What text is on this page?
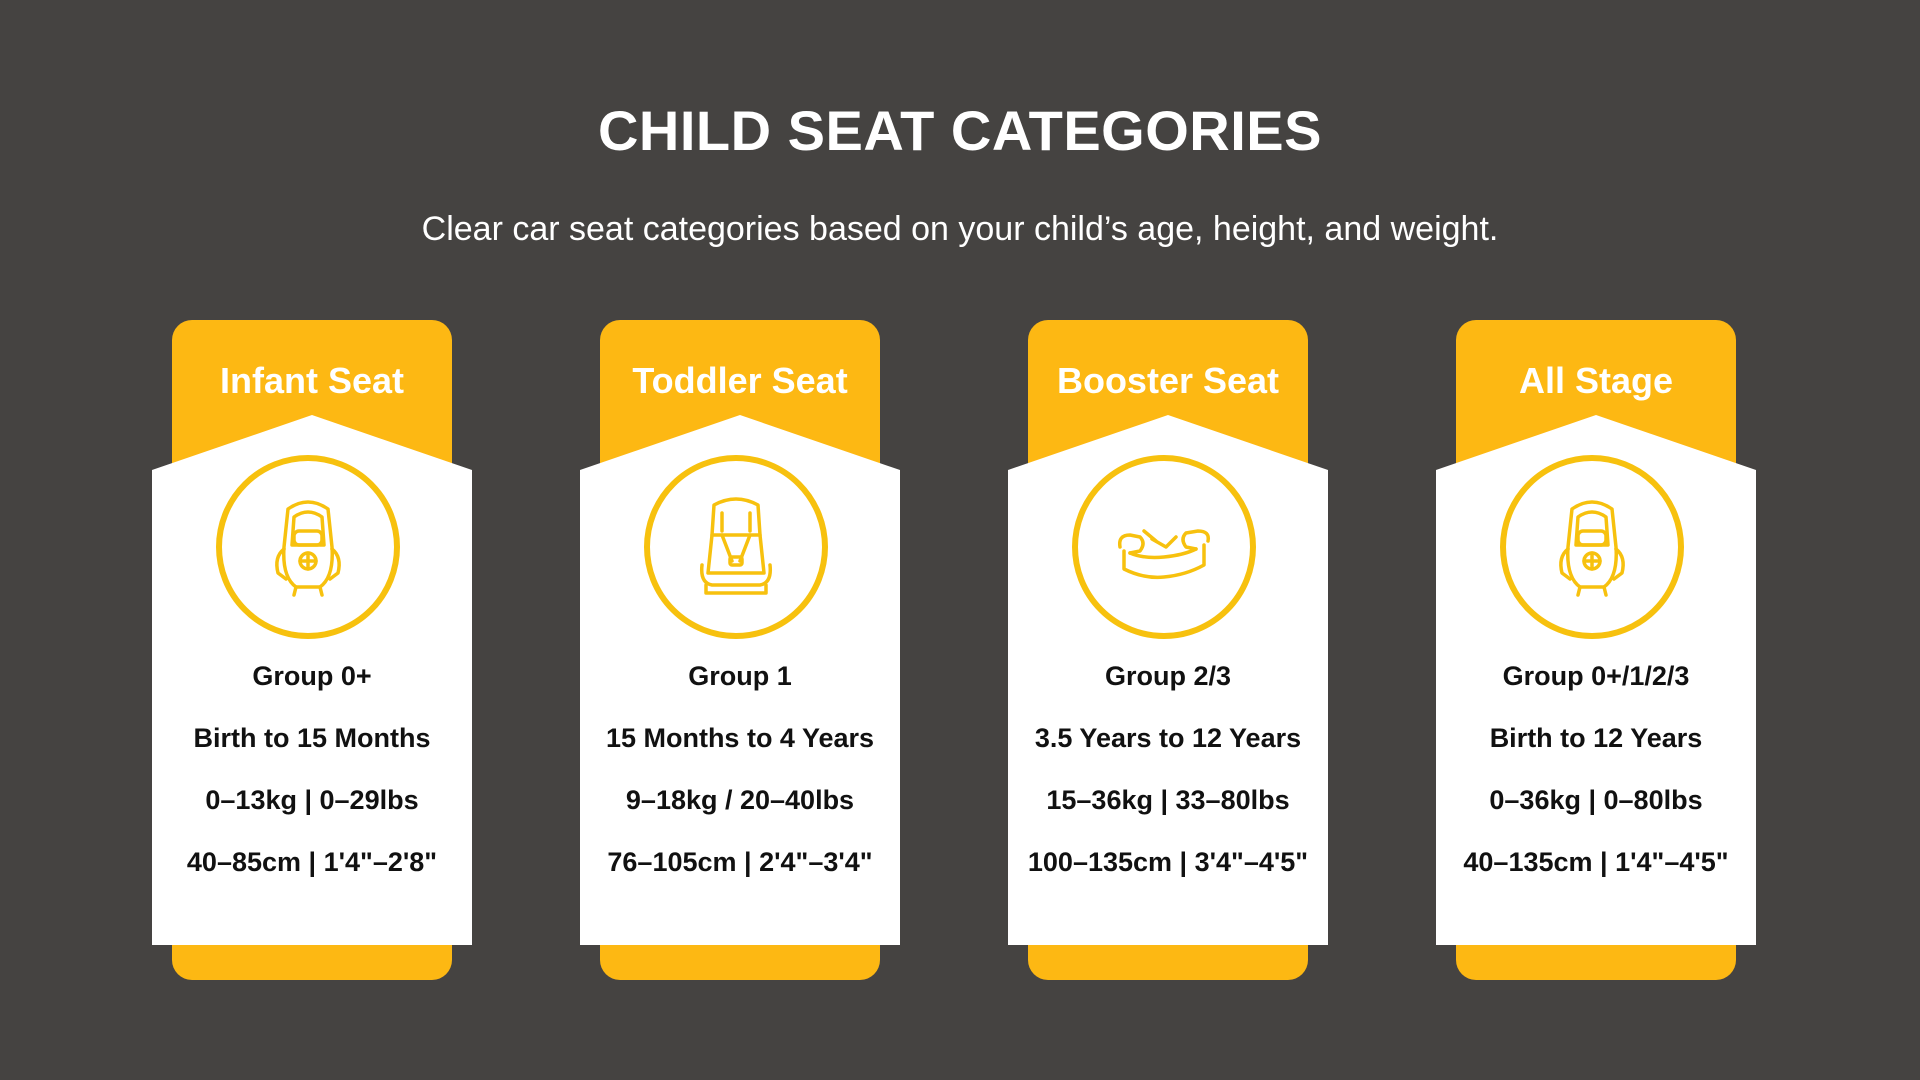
CHILD SEAT CATEGORIES

Clear car seat categories based on your child’s age, height, and weight.

Infant Seat
Group 0+
Birth to 15 Months
0–13kg | 0–29lbs
40–85cm | 1'4"–2'8"
Toddler Seat
Group 1
15 Months to 4 Years
9–18kg / 20–40lbs
76–105cm | 2'4"–3'4"
Booster Seat
Group 2/3
3.5 Years to 12 Years
15–36kg | 33–80lbs
100–135cm | 3'4"–4'5"
All Stage
Group 0+/1/2/3
Birth to 12 Years
0–36kg | 0–80lbs
40–135cm | 1'4"–4'5"
